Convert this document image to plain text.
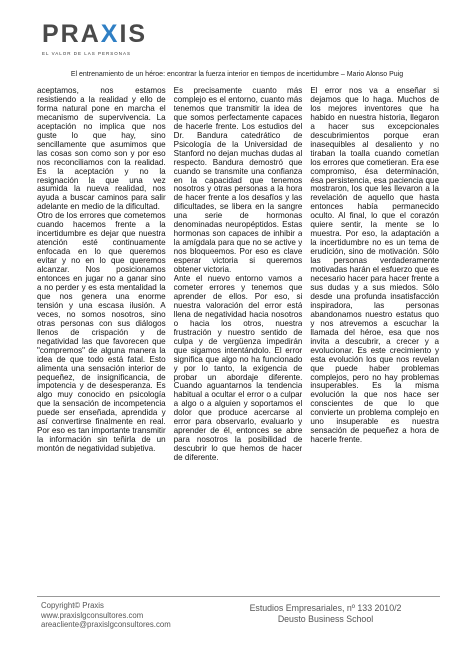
PRAXIS
EL VALOR DE LAS PERSONAS
El entrenamiento de un héroe: encontrar la fuerza interior en tiempos de incertidumbre – Mario Alonso Puig

aceptamos, nos estamos resistiendo a la realidad y ello de forma natural pone en marcha el mecanismo de supervivencia. La aceptación no implica que nos guste lo que hay, sino sencillamente que asumimos que las cosas son como son y por eso nos reconciliamos con la realidad. Es la aceptación y no la resignación la que una vez asumida la nueva realidad, nos ayuda a buscar caminos para salir adelante en medio de la dificultad.

Otro de los errores que cometemos cuando hacemos frente a la incertidumbre es dejar que nuestra atención esté continuamente enfocada en lo que queremos evitar y no en lo que queremos alcanzar. Nos posicionamos entonces en jugar no a ganar sino a no perder y es esta mentalidad la que nos genera una enorme tensión y una escasa ilusión. A veces, no somos nosotros, sino otras personas con sus diálogos llenos de crispación y de negatividad las que favorecen que "compremos" de alguna manera la idea de que todo está fatal. Esto alimenta una sensación interior de pequeñez, de insignificancia, de impotencia y de desesperanza. Es algo muy conocido en psicología que la sensación de incompetencia puede ser enseñada, aprendida y así convertirse finalmente en real. Por eso es tan importante transmitir la información sin teñirla de un montón de negatividad subjetiva.

Es precisamente cuanto más complejo es el entorno, cuanto más tenemos que transmitir la idea de que somos perfectamente capaces de hacerle frente. Los estudios del Dr. Bandura catedrático de Psicología de la Universidad de Stanford no dejan muchas dudas al respecto. Bandura demostró que cuando se transmite una confianza en la capacidad que tenemos nosotros y otras personas a la hora de hacer frente a los desafíos y las dificultades, se libera en la sangre una serie de hormonas denominadas neuropéptidos. Estas hormonas son capaces de inhibir a la amígdala para que no se active y nos bloqueemos. Por eso es clave esperar victoria si queremos obtener victoria.

Ante el nuevo entorno vamos a cometer errores y tenemos que aprender de ellos. Por eso, si nuestra valoración del error está llena de negatividad hacia nosotros o hacia los otros, nuestra frustración y nuestro sentido de culpa y de vergüenza impedirán que sigamos intentándolo. El error significa que algo no ha funcionado y por lo tanto, la exigencia de probar un abordaje diferente. Cuando aguantarnos la tendencia habitual a ocultar el error o a culpar a algo o a alguien y soportamos el dolor que produce acercarse al error para observarlo, evaluarlo y aprender de él, entonces se abre para nosotros la posibilidad de descubrir lo que hemos de hacer de diferente.

El error nos va a enseñar si dejamos que lo haga. Muchos de los mejores inventores que ha habido en nuestra historia, llegaron a hacer sus excepcionales descubrimientos porque eran inasequibles al desaliento y no tiraban la toalla cuando cometían los errores que cometieran. Era ese compromiso, ésa determinación, ésa persistencia, esa paciencia que mostraron, los que les llevaron a la revelación de aquello que hasta entonces había permanecido oculto. Al final, lo que el corazón quiere sentir, la mente se lo muestra. Por eso, la adaptación a la incertidumbre no es un tema de erudición, sino de motivación. Sólo las personas verdaderamente motivadas harán el esfuerzo que es necesario hacer para hacer frente a sus dudas y a sus miedos. Sólo desde una profunda insatisfacción inspiradora, las personas abandonamos nuestro estatus quo y nos atrevemos a escuchar la llamada del héroe, esa que nos invita a descubrir, a crecer y a evolucionar. Es este crecimiento y esta evolución los que nos revelan que puede haber problemas complejos, pero no hay problemas insuperables. Es la misma evolución la que nos hace ser conscientes de que lo que convierte un problema complejo en uno insuperable es nuestra sensación de pequeñez a hora de hacerle frente.

Copyright© Praxis
www.praxislgconsultores.com
areacliente@praxislgconsultores.com
Estudios Empresariales, nº 133 2010/2
Deusto Business School
